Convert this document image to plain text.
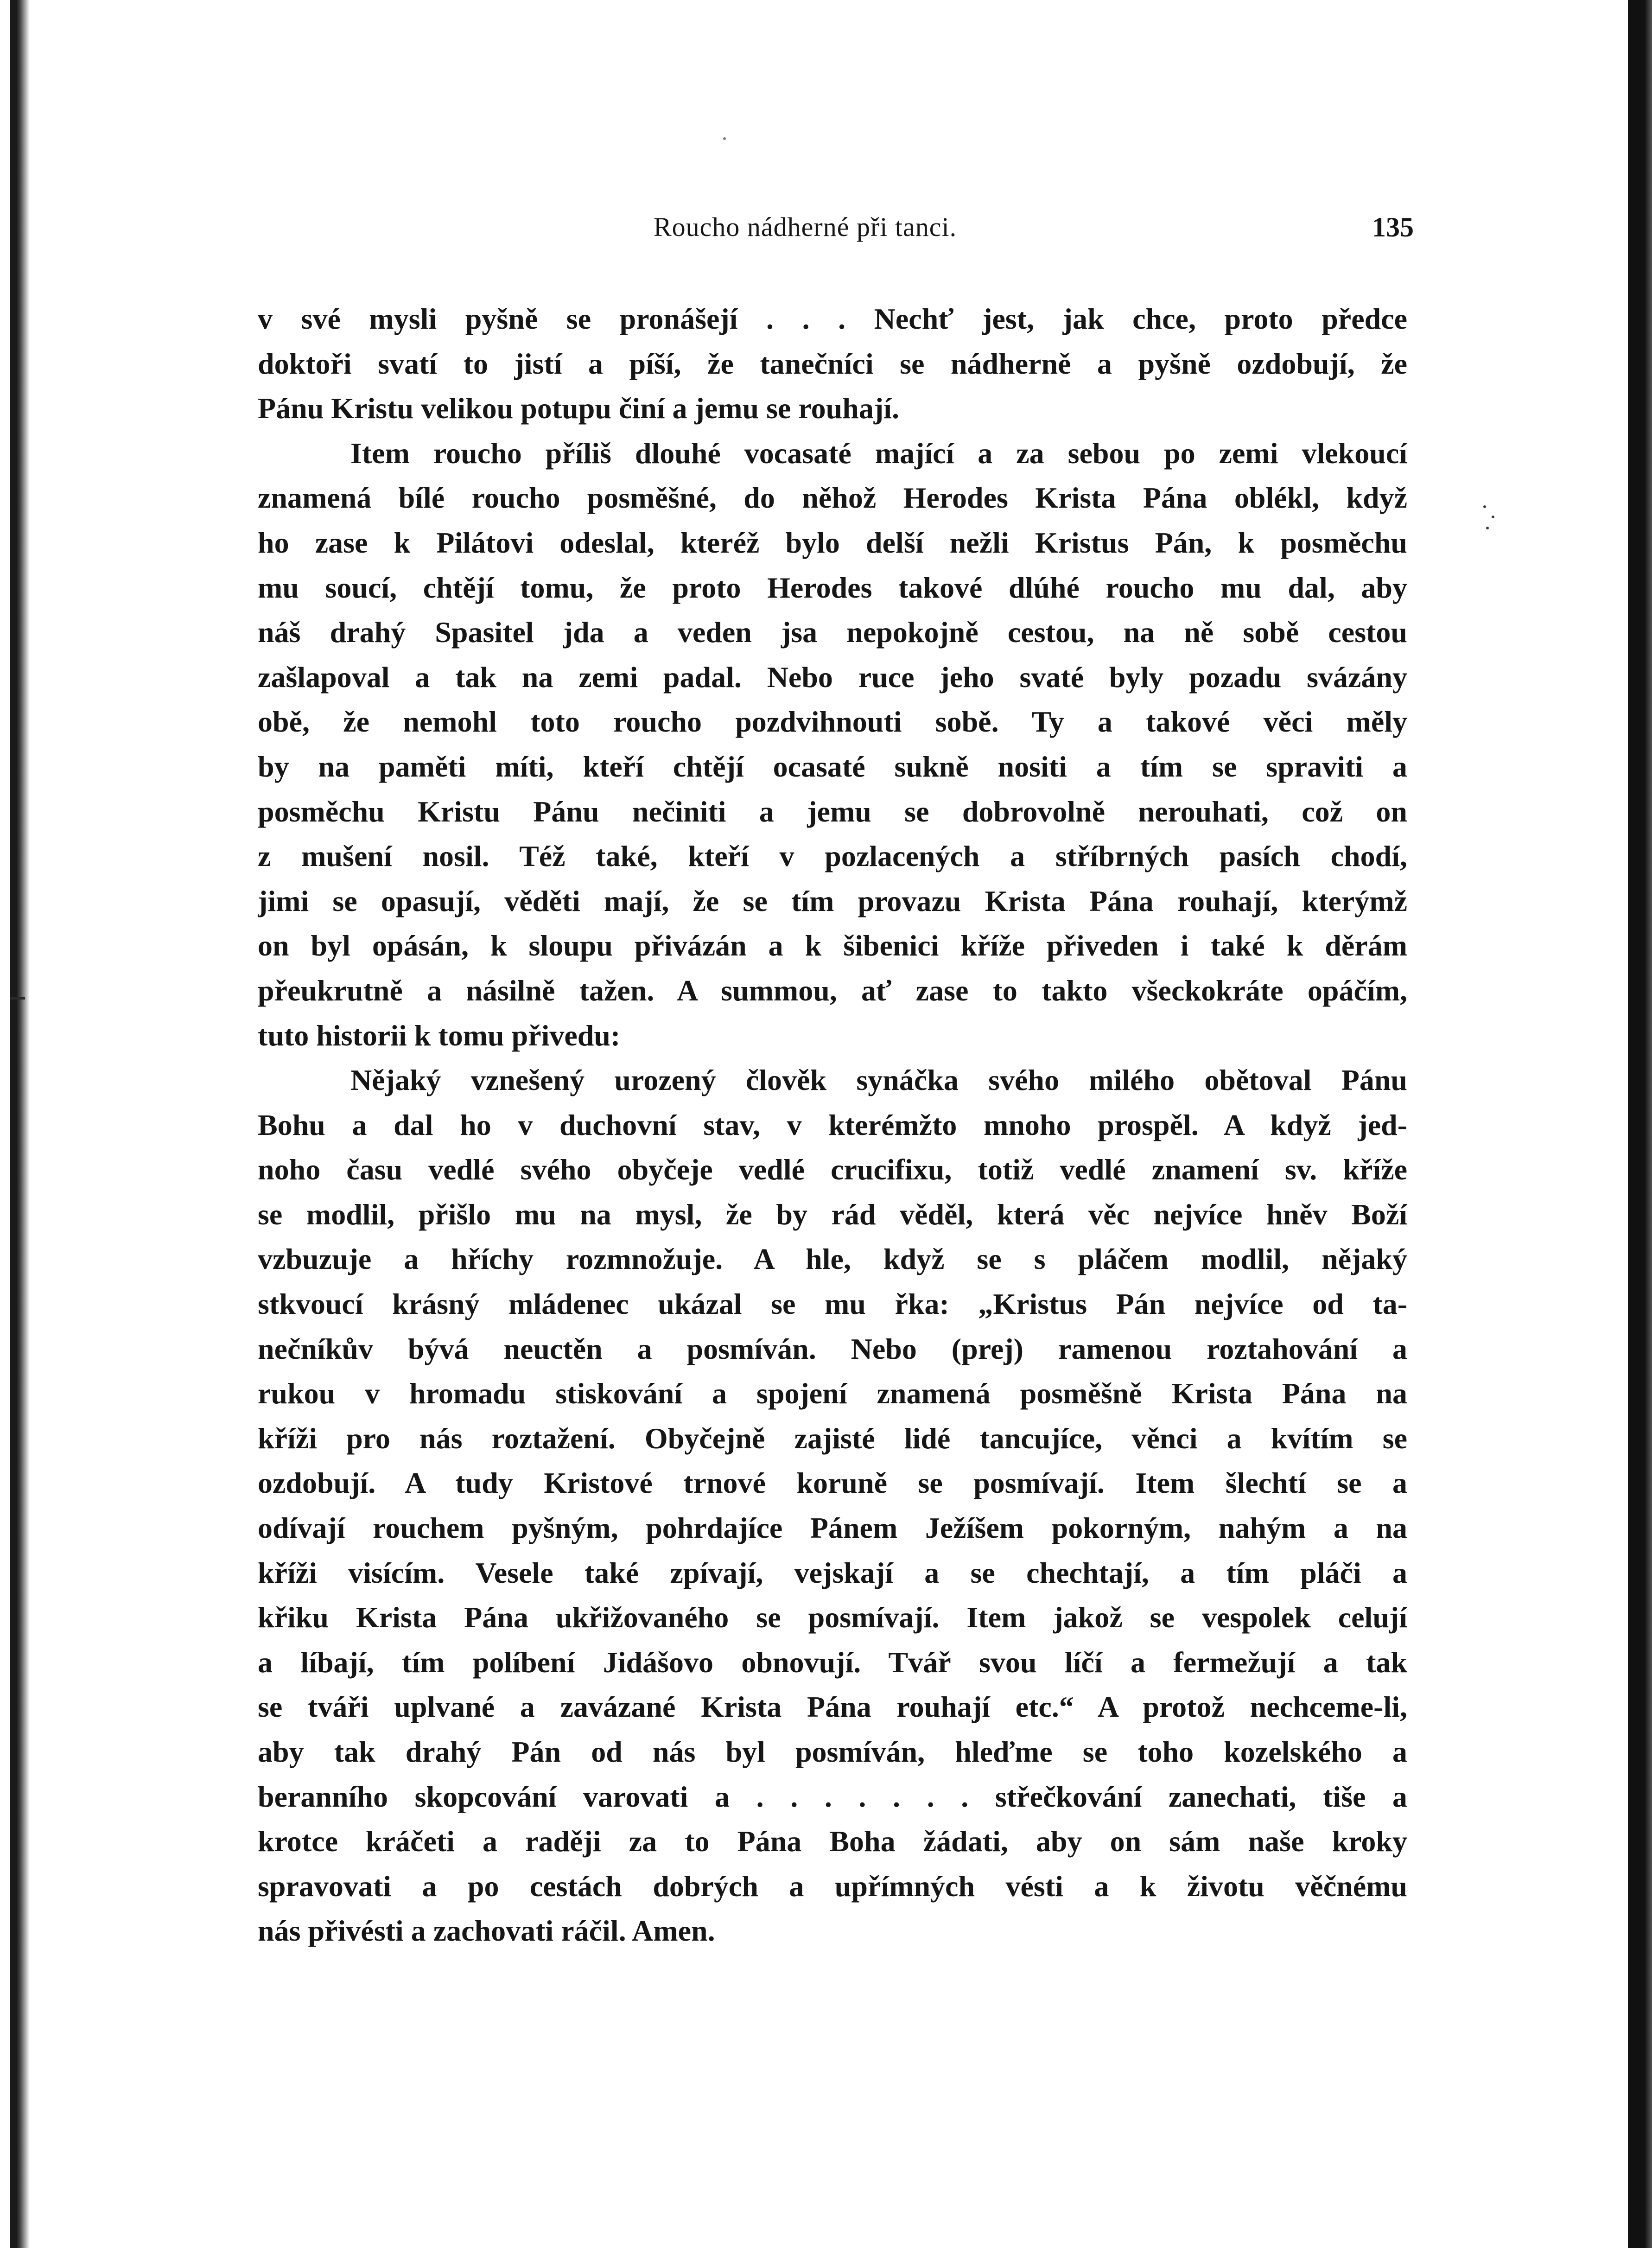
Roucho nádherné při tanci.	135
v své mysli pyšně se pronášejí . . . Nechť jest, jak chce, proto předce
doktoři svatí to jistí a píší, že tanečníci se nádherně a pyšně ozdobují, že
Pánu Kristu velikou potupu činí a jemu se rouhají.
Item roucho příliš dlouhé vocasaté mající a za sebou po zemi vlekoucí
znamená bílé roucho posměšné, do něhož Herodes Krista Pána oblékl, když
ho zase k Pilátovi odeslal, kteréž bylo delší nežli Kristus Pán, k posměchu
mu soucí, chtějí tomu, že proto Herodes takové dlúhé roucho mu dal, aby
náš drahý Spasitel jda a veden jsa nepokojně cestou, na ně sobě cestou
zašlapoval a tak na zemi padal. Nebo ruce jeho svaté byly pozadu svázány
obě, že nemohl toto roucho pozdvihnouti sobě. Ty a takové věci měly
by na paměti míti, kteří chtějí ocasaté sukně nositi a tím se spraviti a
posměchu Kristu Pánu nečiniti a jemu se dobrovolně nerouhati, což on
z mušení nosil. Též také, kteří v pozlacených a stříbrných pasích chodí,
jimi se opasují, věděti mají, že se tím provazu Krista Pána rouhají, kterýmž
on byl opásán, k sloupu přivázán a k šibenici kříže přiveden i také k děrám
přeukrutně a násilně tažen. A summou, ať zase to takto všeckokráte opáčím,
tuto historii k tomu přivedu:
Nějaký vznešený urozený člověk synáčka svého milého obětoval Pánu
Bohu a dal ho v duchovní stav, v kterémžto mnoho prospěl. A když jed-
noho času vedlé svého obyčeje vedlé crucifixu, totiž vedlé znamení sv. kříže
se modlil, přišlo mu na mysl, že by rád věděl, která věc nejvíce hněv Boží
vzbuzuje a hříchy rozmnožuje. A hle, když se s pláčem modlil, nějaký
stkvoucí krásný mládenec ukázal se mu řka: „Kristus Pán nejvíce od ta-
nečníkův bývá neuctěn a posmíván. Nebo (prej) ramenou roztahování a
rukou v hromadu stiskování a spojení znamená posměšně Krista Pána na
kříži pro nás roztažení. Obyčejně zajisté lidé tancujíce, věnci a kvítím se
ozdobují. A tudy Kristové trnové koruně se posmívají. Item šlechtí se a
odívají rouchem pyšným, pohrdajíce Pánem Ježíšem pokorným, nahým a na
kříži visícím. Vesele také zpívají, vejskají a se chechtají, a tím pláči a
křiku Krista Pána ukřižovaného se posmívají. Item jakož se vespolek celují
a líbají, tím políbení Jidášovo obnovují. Tvář svou líčí a fermežují a tak
se tváři uplvané a zavázané Krista Pána rouhají etc.“ A protož nechceme-li,
aby tak drahý Pán od nás byl posmíván, hleďme se toho kozelského a
beranního skopcování varovati a . . . . . . . střečkování zanechati, tiše a
krotce kráčeti a raději za to Pána Boha žádati, aby on sám naše kroky
spravovati a po cestách dobrých a upřímných vésti a k životu věčnému
nás přivésti a zachovati ráčil. Amen.
